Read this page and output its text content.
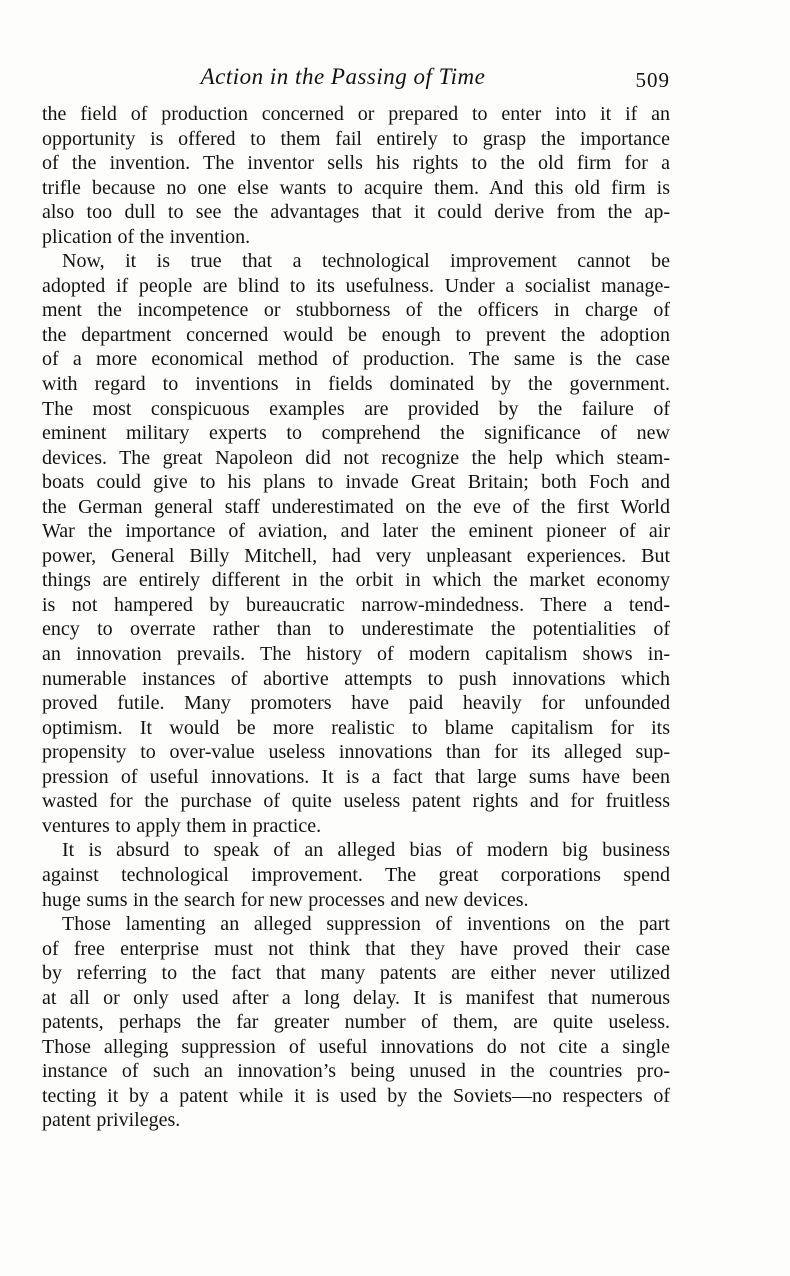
Action in the Passing of Time	509
the field of production concerned or prepared to enter into it if an
opportunity is offered to them fail entirely to grasp the importance
of the invention. The inventor sells his rights to the old firm for a
trifle because no one else wants to acquire them. And this old firm is
also too dull to see the advantages that it could derive from the ap-
plication of the invention.
Now, it is true that a technological improvement cannot be
adopted if people are blind to its usefulness. Under a socialist manage-
ment the incompetence or stubborness of the officers in charge of
the department concerned would be enough to prevent the adoption
of a more economical method of production. The same is the case
with regard to inventions in fields dominated by the government.
The most conspicuous examples are provided by the failure of
eminent military experts to comprehend the significance of new
devices. The great Napoleon did not recognize the help which steam-
boats could give to his plans to invade Great Britain; both Foch and
the German general staff underestimated on the eve of the first World
War the importance of aviation, and later the eminent pioneer of air
power, General Billy Mitchell, had very unpleasant experiences. But
things are entirely different in the orbit in which the market economy
is not hampered by bureaucratic narrow-mindedness. There a tend-
ency to overrate rather than to underestimate the potentialities of
an innovation prevails. The history of modern capitalism shows in-
numerable instances of abortive attempts to push innovations which
proved futile. Many promoters have paid heavily for unfounded
optimism. It would be more realistic to blame capitalism for its
propensity to over-value useless innovations than for its alleged sup-
pression of useful innovations. It is a fact that large sums have been
wasted for the purchase of quite useless patent rights and for fruitless
ventures to apply them in practice.
It is absurd to speak of an alleged bias of modern big business
against technological improvement. The great corporations spend
huge sums in the search for new processes and new devices.
Those lamenting an alleged suppression of inventions on the part
of free enterprise must not think that they have proved their case
by referring to the fact that many patents are either never utilized
at all or only used after a long delay. It is manifest that numerous
patents, perhaps the far greater number of them, are quite useless.
Those alleging suppression of useful innovations do not cite a single
instance of such an innovation’s being unused in the countries pro-
tecting it by a patent while it is used by the Soviets—no respecters of
patent privileges.
